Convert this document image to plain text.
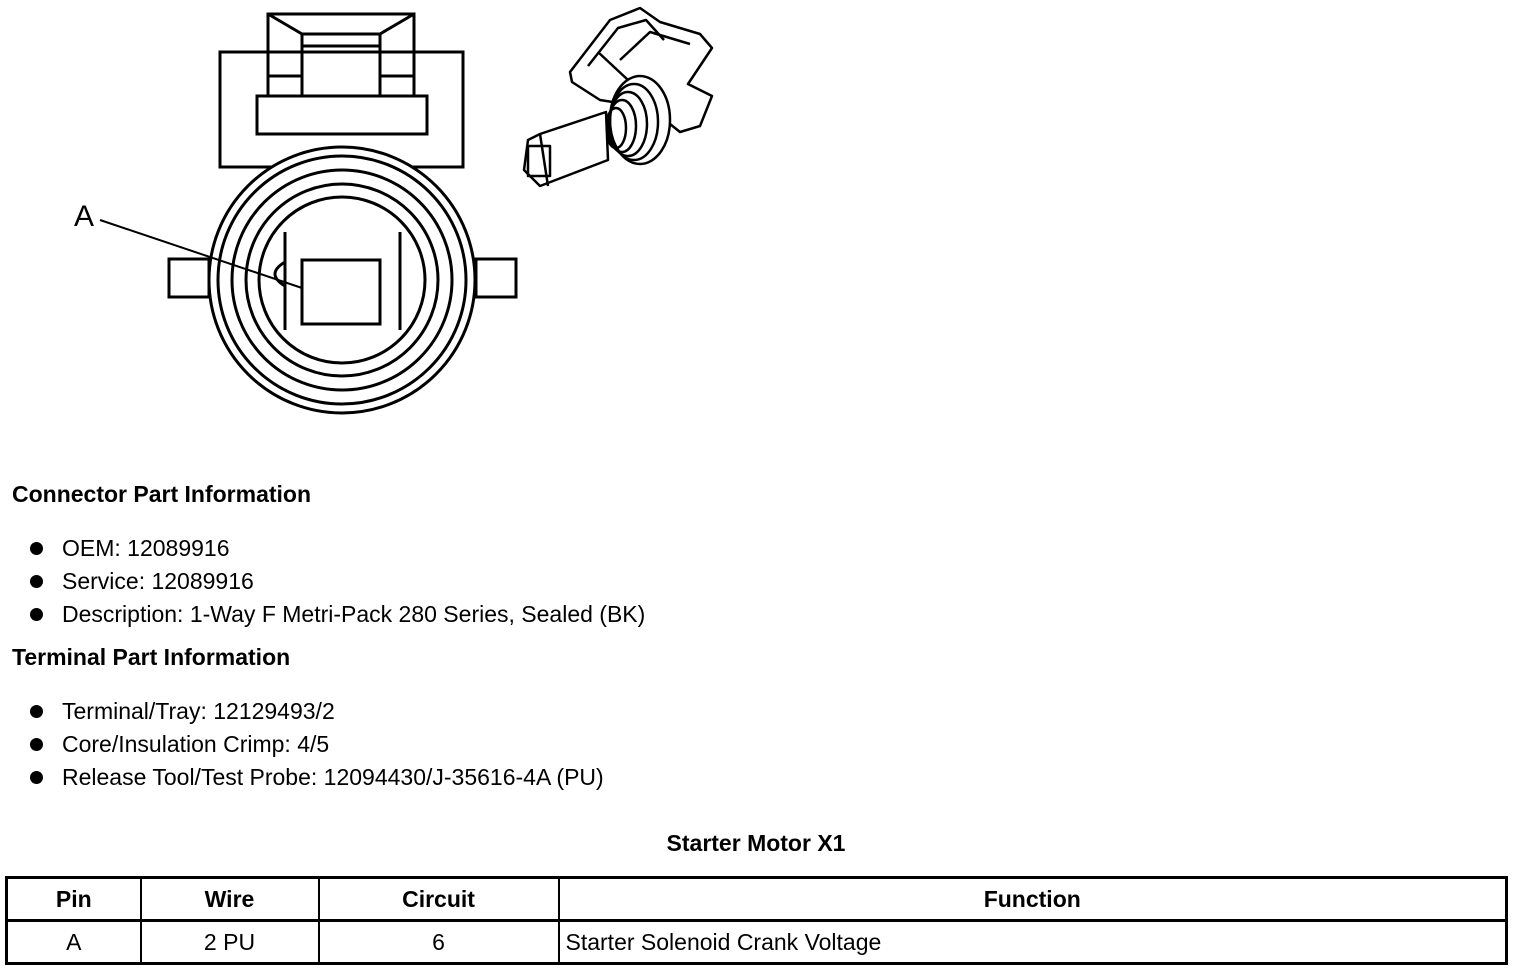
A
Connector Part Information
OEM: 12089916
Service: 12089916
Description: 1-Way F Metri-Pack 280 Series, Sealed (BK)
Terminal Part Information
Terminal/Tray: 12129493/2
Core/Insulation Crimp: 4/5
Release Tool/Test Probe: 12094430/J-35616-4A (PU)
Starter Motor X1
Pin	Wire	Circuit	Function
A	2 PU	6	Starter Solenoid Crank Voltage
